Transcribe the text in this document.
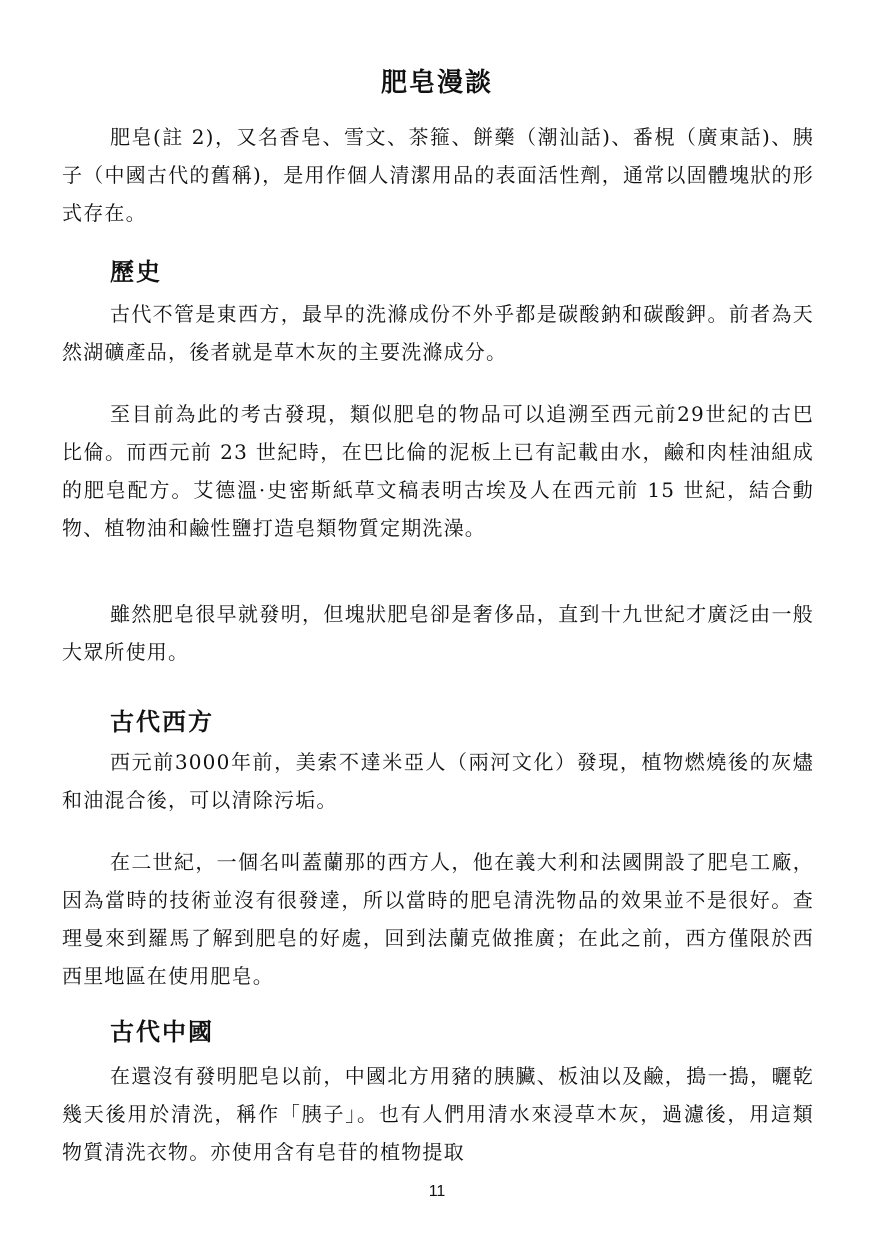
肥皂漫談

肥皂(註 2)，又名香皂、雪文、茶箍、餅藥（潮汕話)、番梘（廣東話)、胰子（中國古代的舊稱)，是用作個人清潔用品的表面活性劑，通常以固體塊狀的形式存在。

歷史

古代不管是東西方，最早的洗滌成份不外乎都是碳酸鈉和碳酸鉀。前者為天然湖礦產品，後者就是草木灰的主要洗滌成分。

至目前為此的考古發現，類似肥皂的物品可以追溯至西元前29世紀的古巴比倫。而西元前 23 世紀時，在巴比倫的泥板上已有記載由水，鹼和肉桂油組成的肥皂配方。艾德溫·史密斯紙草文稿表明古埃及人在西元前 15 世紀，結合動物、植物油和鹼性鹽打造皂類物質定期洗澡。

雖然肥皂很早就發明，但塊狀肥皂卻是奢侈品，直到十九世紀才廣泛由一般大眾所使用。

古代西方

西元前3000年前，美索不達米亞人（兩河文化）發現，植物燃燒後的灰燼和油混合後，可以清除污垢。

在二世紀，一個名叫蓋蘭那的西方人，他在義大利和法國開設了肥皂工廠，因為當時的技術並沒有很發達，所以當時的肥皂清洗物品的效果並不是很好。查理曼來到羅馬了解到肥皂的好處，回到法蘭克做推廣；在此之前，西方僅限於西西里地區在使用肥皂。

古代中國

在還沒有發明肥皂以前，中國北方用豬的胰臟、板油以及鹼，搗一搗，曬乾幾天後用於清洗，稱作「胰子」。也有人們用清水來浸草木灰，過濾後，用這類物質清洗衣物。亦使用含有皂苷的植物提取

11
